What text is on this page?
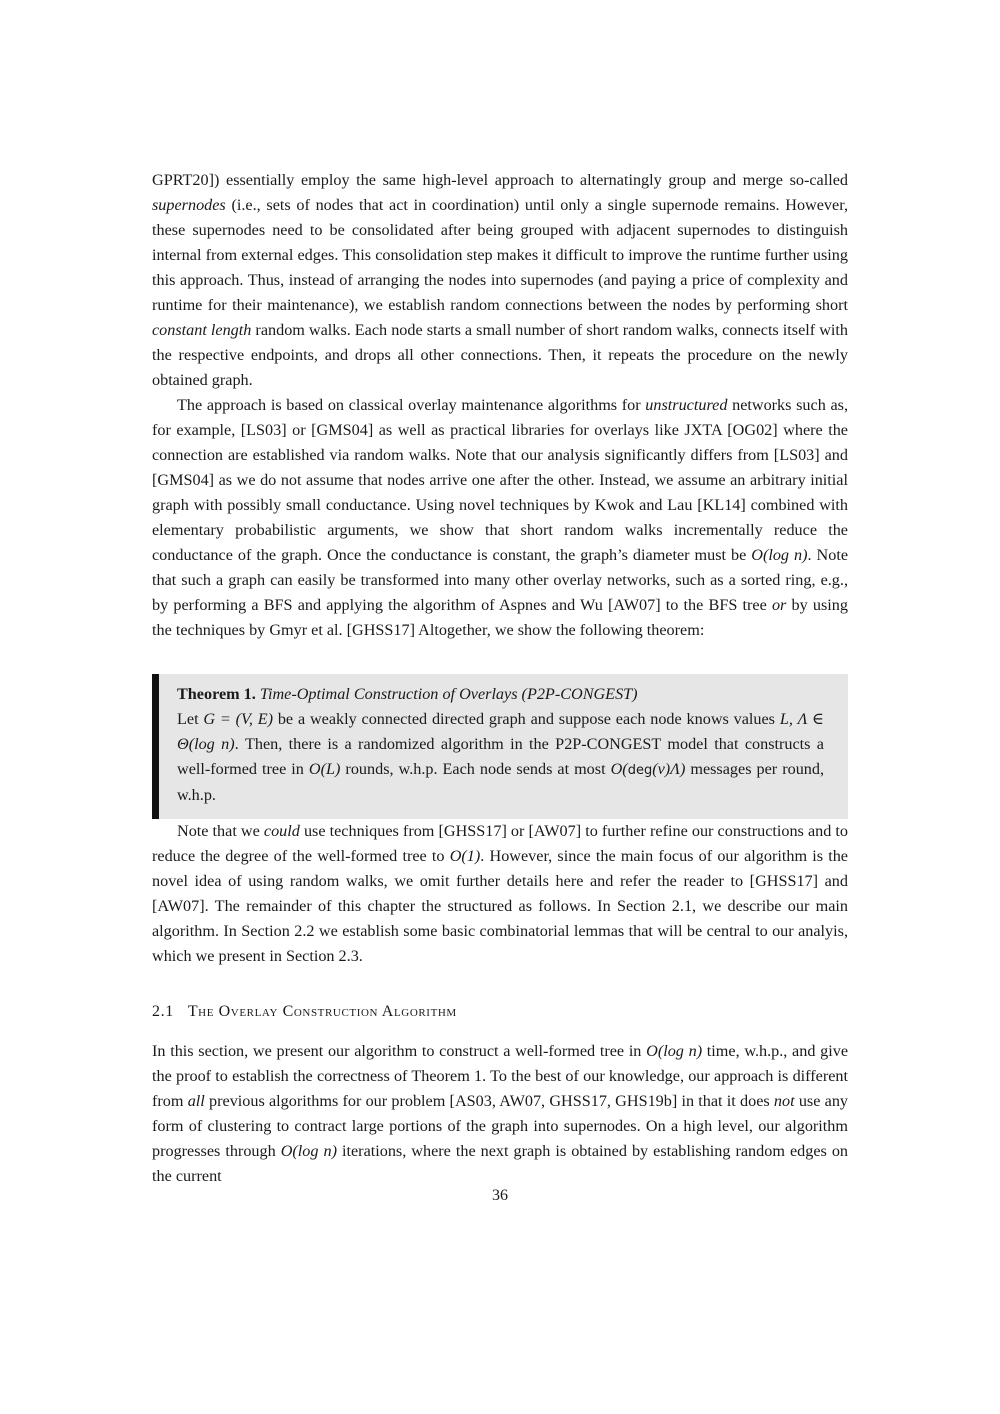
GPRT20]) essentially employ the same high-level approach to alternatingly group and merge so-called supernodes (i.e., sets of nodes that act in coordination) until only a single supernode remains. However, these supernodes need to be consolidated after being grouped with adjacent supernodes to distinguish internal from external edges. This consolidation step makes it difficult to improve the runtime further using this approach. Thus, instead of arranging the nodes into supernodes (and paying a price of complexity and runtime for their maintenance), we establish random connections between the nodes by performing short constant length random walks. Each node starts a small number of short random walks, connects itself with the respective endpoints, and drops all other connections. Then, it repeats the procedure on the newly obtained graph.

The approach is based on classical overlay maintenance algorithms for unstructured networks such as, for example, [LS03] or [GMS04] as well as practical libraries for overlays like JXTA [OG02] where the connection are established via random walks. Note that our analysis significantly differs from [LS03] and [GMS04] as we do not assume that nodes arrive one after the other. Instead, we assume an arbitrary initial graph with possibly small conductance. Using novel techniques by Kwok and Lau [KL14] combined with elementary probabilistic arguments, we show that short random walks incrementally reduce the conductance of the graph. Once the conductance is constant, the graph’s diameter must be O(log n). Note that such a graph can easily be transformed into many other overlay networks, such as a sorted ring, e.g., by performing a BFS and applying the algorithm of Aspnes and Wu [AW07] to the BFS tree or by using the techniques by Gmyr et al. [GHSS17] Altogether, we show the following theorem:

Theorem 1. Time-Optimal Construction of Overlays (P2P-CONGEST)

Let G = (V, E) be a weakly connected directed graph and suppose each node knows values L, Λ ∈ Θ(log n). Then, there is a randomized algorithm in the P2P-CONGEST model that constructs a well-formed tree in O(L) rounds, w.h.p. Each node sends at most O(deg(v)Λ) messages per round, w.h.p.

Note that we could use techniques from [GHSS17] or [AW07] to further refine our constructions and to reduce the degree of the well-formed tree to O(1). However, since the main focus of our algorithm is the novel idea of using random walks, we omit further details here and refer the reader to [GHSS17] and [AW07]. The remainder of this chapter the structured as follows. In Section 2.1, we describe our main algorithm. In Section 2.2 we establish some basic combinatorial lemmas that will be central to our analyis, which we present in Section 2.3.

2.1 The Overlay Construction Algorithm

In this section, we present our algorithm to construct a well-formed tree in O(log n) time, w.h.p., and give the proof to establish the correctness of Theorem 1. To the best of our knowledge, our approach is different from all previous algorithms for our problem [AS03, AW07, GHSS17, GHS19b] in that it does not use any form of clustering to contract large portions of the graph into supernodes. On a high level, our algorithm progresses through O(log n) iterations, where the next graph is obtained by establishing random edges on the current

36
